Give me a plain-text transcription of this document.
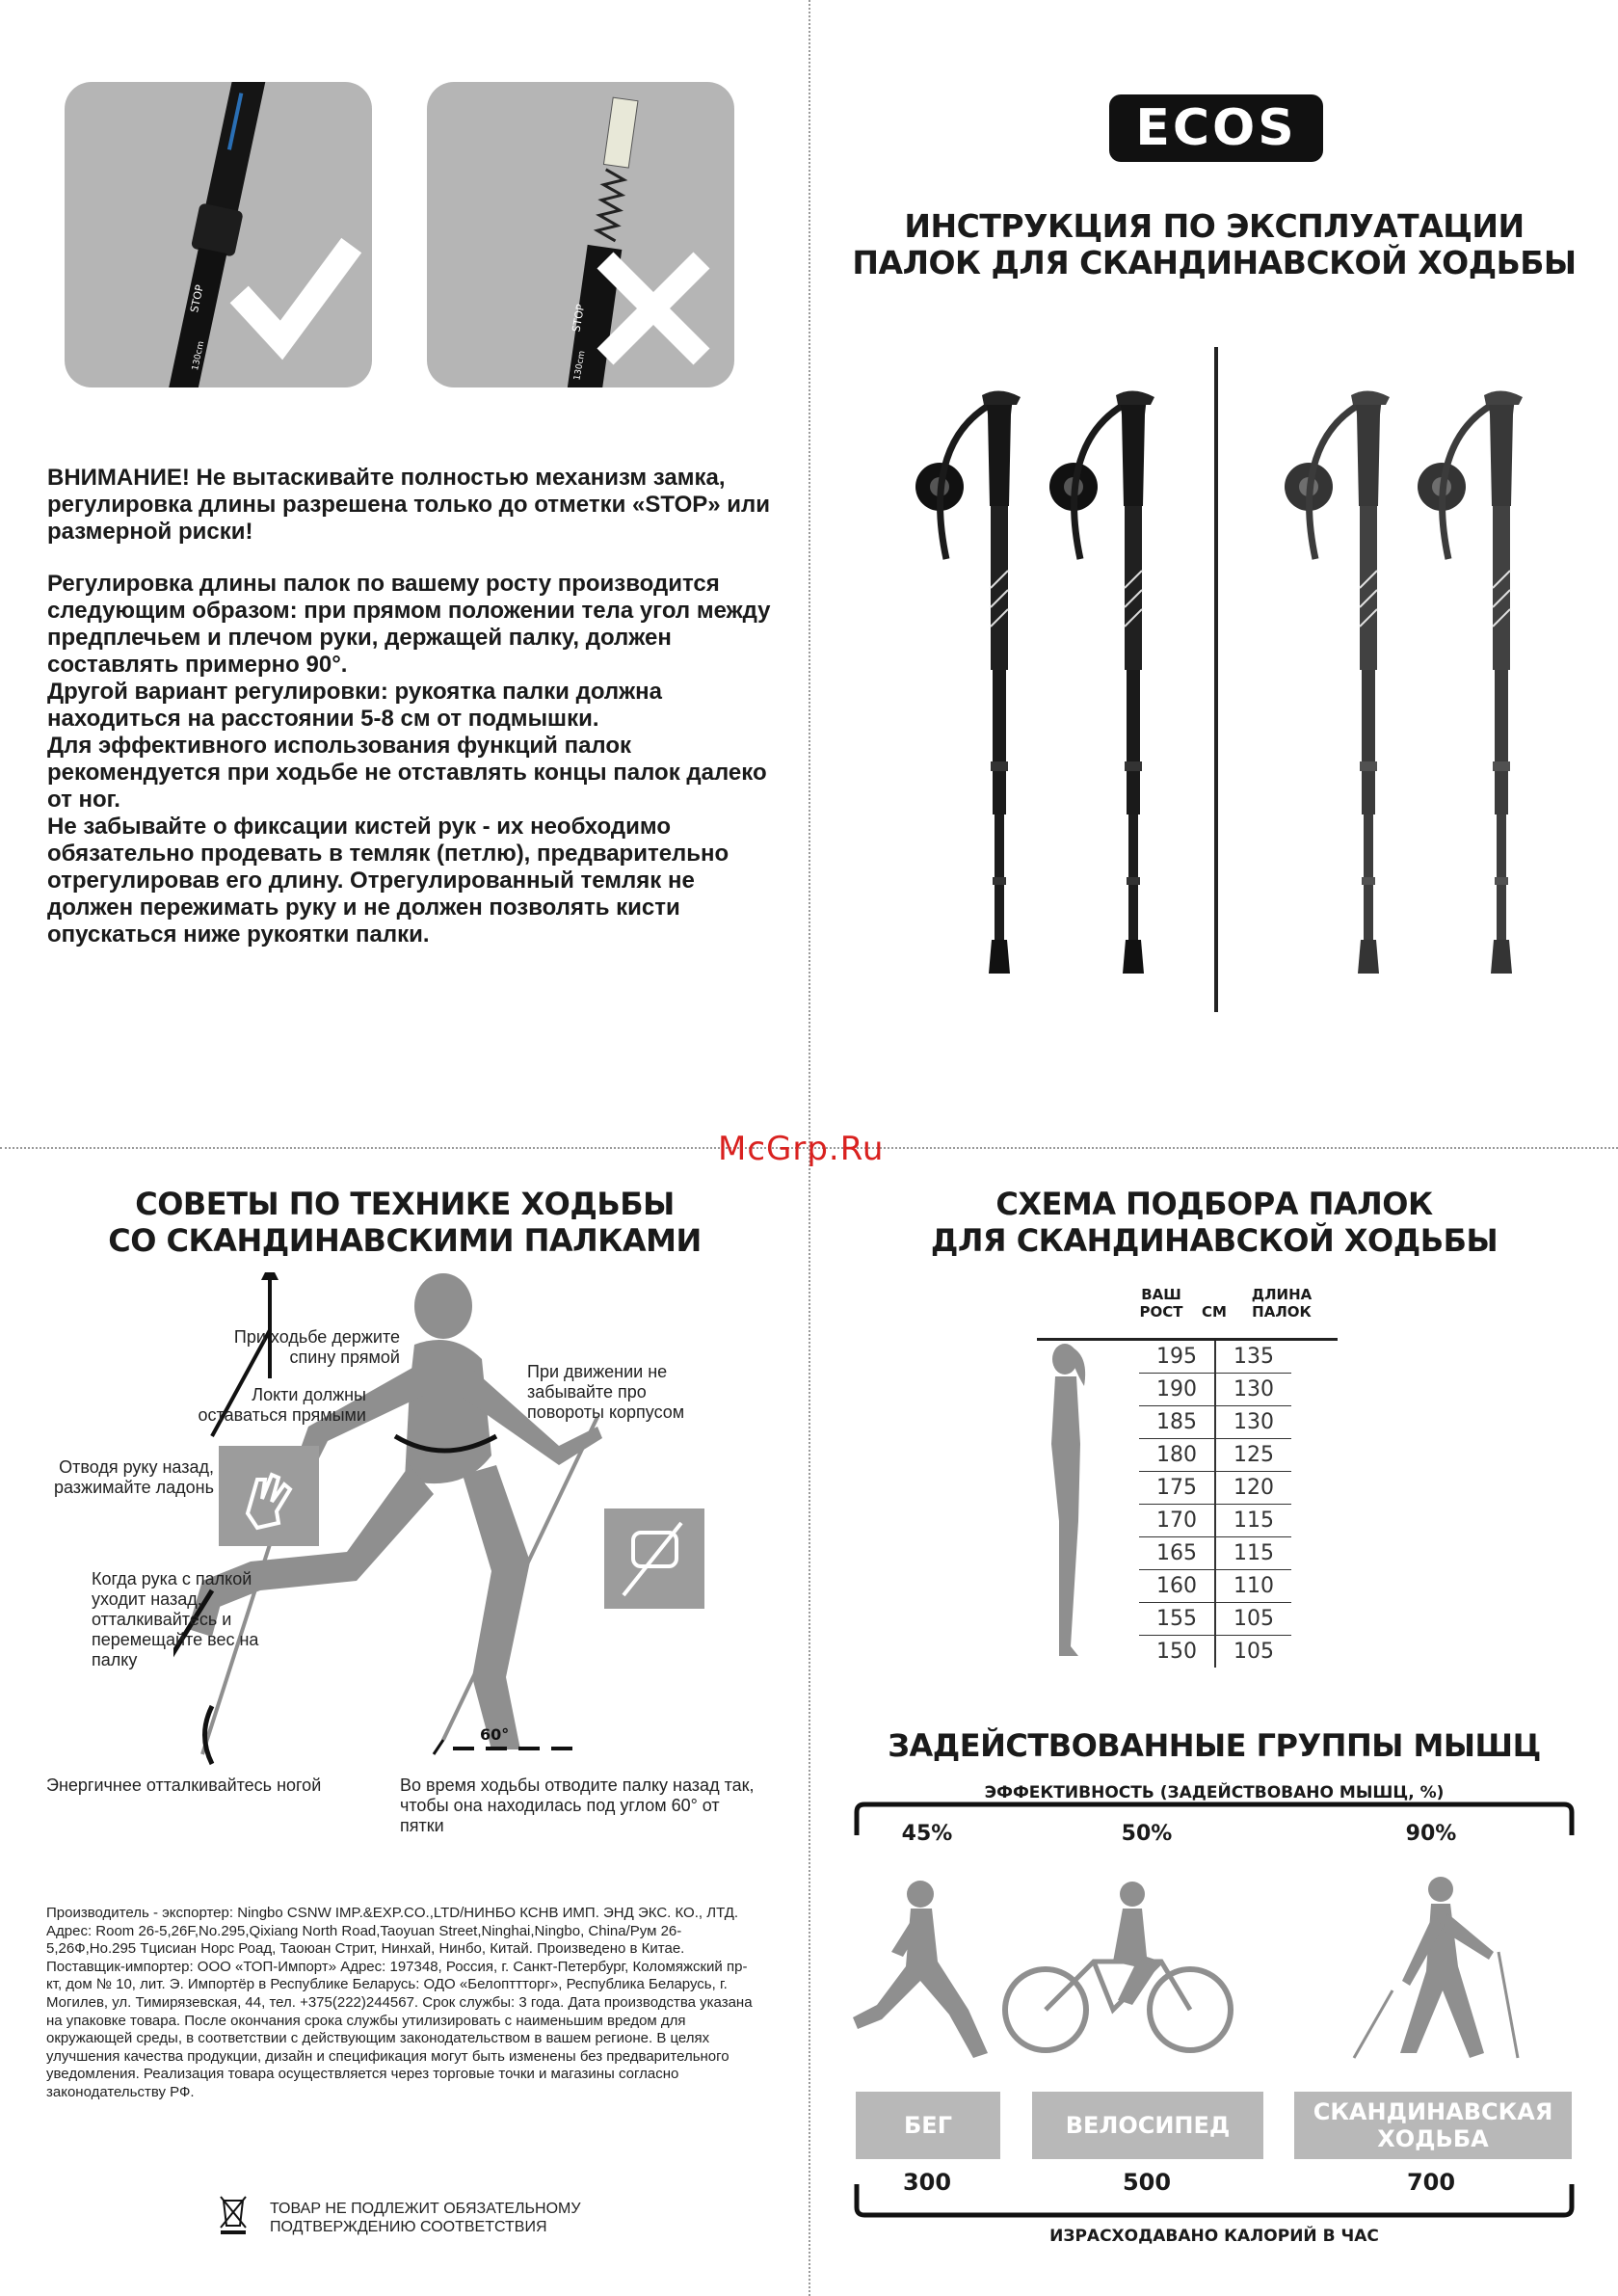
STOP
130cm
STOP
130cm

ВНИМАНИЕ! Не вытаскивайте полностью механизм замка, регулировка длины разрешена только до отметки «STOP» или размерной риски!

Регулировка длины палок по вашему росту производится следующим образом: при прямом положении тела угол между предплечьем и плечом руки, держащей палку, должен составлять примерно 90°.
Другой вариант регулировки: рукоятка палки должна находиться на расстоянии 5-8 см от подмышки.
Для эффективного использования функций палок рекомендуется при ходьбе не отставлять концы палок далеко от ног.
Не забывайте о фиксации кистей рук - их необходимо обязательно продевать в темляк (петлю), предварительно отрегулировав его длину. Отрегулированный темляк не должен пережимать руку и не должен позволять кисти опускаться ниже рукоятки палки.
ECOS
ИНСТРУКЦИЯ ПО ЭКСПЛУАТАЦИИ
ПАЛОК ДЛЯ СКАНДИНАВСКОЙ ХОДЬБЫ
McGrp.Ru
СОВЕТЫ ПО ТЕХНИКЕ ХОДЬБЫ
СО СКАНДИНАВСКИМИ ПАЛКАМИ
60°
При ходьбе держите спину прямой
Локти должны оставаться прямыми
Отводя руку назад, разжимайте ладонь
Когда рука с палкой уходит назад, отталкивайтесь и перемещайте вес на палку
Энергичнее отталкивайтесь ногой
При движении не забывайте про повороты корпусом
Во время ходьбы отводите палку назад так, чтобы она находилась под углом 60° от пятки
Производитель - экспортер: Ningbo CSNW IMP.&EXP.CO.,LTD/НИНБО КСНВ ИМП. ЭНД ЭКС. КО., ЛТД. Адрес: Room 26-5,26F,No.295,Qixiang North Road,Taoyuan Street,Ninghai,Ningbo, China/Рум 26-5,26Ф,Но.295 Тцисиан Норс Роад, Таоюан Стрит, Нинхай, Нинбо, Китай. Произведено в Китае. Поставщик-импортер: ООО «ТОП-Импорт» Адрес: 197348, Россия, г. Санкт-Петербург, Коломяжский пр-кт, дом № 10, лит. Э. Импортёр в Республике Беларусь: ОДО «Белопттторг», Республика Беларусь, г. Могилев, ул. Тимирязевская, 44, тел. +375(222)244567. Срок службы: 3 года. Дата производства указана на упаковке товара. После окончания срока службы утилизировать с наименьшим вредом для окружающей среды, в соответствии с действующим законодательством в вашем регионе. В целях улучшения качества продукции, дизайн и спецификация могут быть изменены без предварительного уведомления. Реализация товара осуществляется через торговые точки и магазины согласно законодательству РФ.
ТОВАР НЕ ПОДЛЕЖИТ ОБЯЗАТЕЛЬНОМУ ПОДТВЕРЖДЕНИЮ СООТВЕТСТВИЯ
СХЕМА ПОДБОРА ПАЛОК
ДЛЯ СКАНДИНАВСКОЙ ХОДЬБЫ
ВАШ
РОСТ	СМ
ДЛИНА
ПАЛОК
195	135
190	130
185	130
180	125
175	120
170	115
165	115
160	110
155	105
150	105
ЗАДЕЙСТВОВАННЫЕ ГРУППЫ МЫШЦ
ЭФФЕКТИВНОСТЬ (ЗАДЕЙСТВОВАНО МЫШЦ, %)
45%	50%	90%
БЕГ	ВЕЛОСИПЕД	СКАНДИНАВСКАЯ ХОДЬБА
300	500	700
ИЗРАСХОДАВАНО КАЛОРИЙ В ЧАС
